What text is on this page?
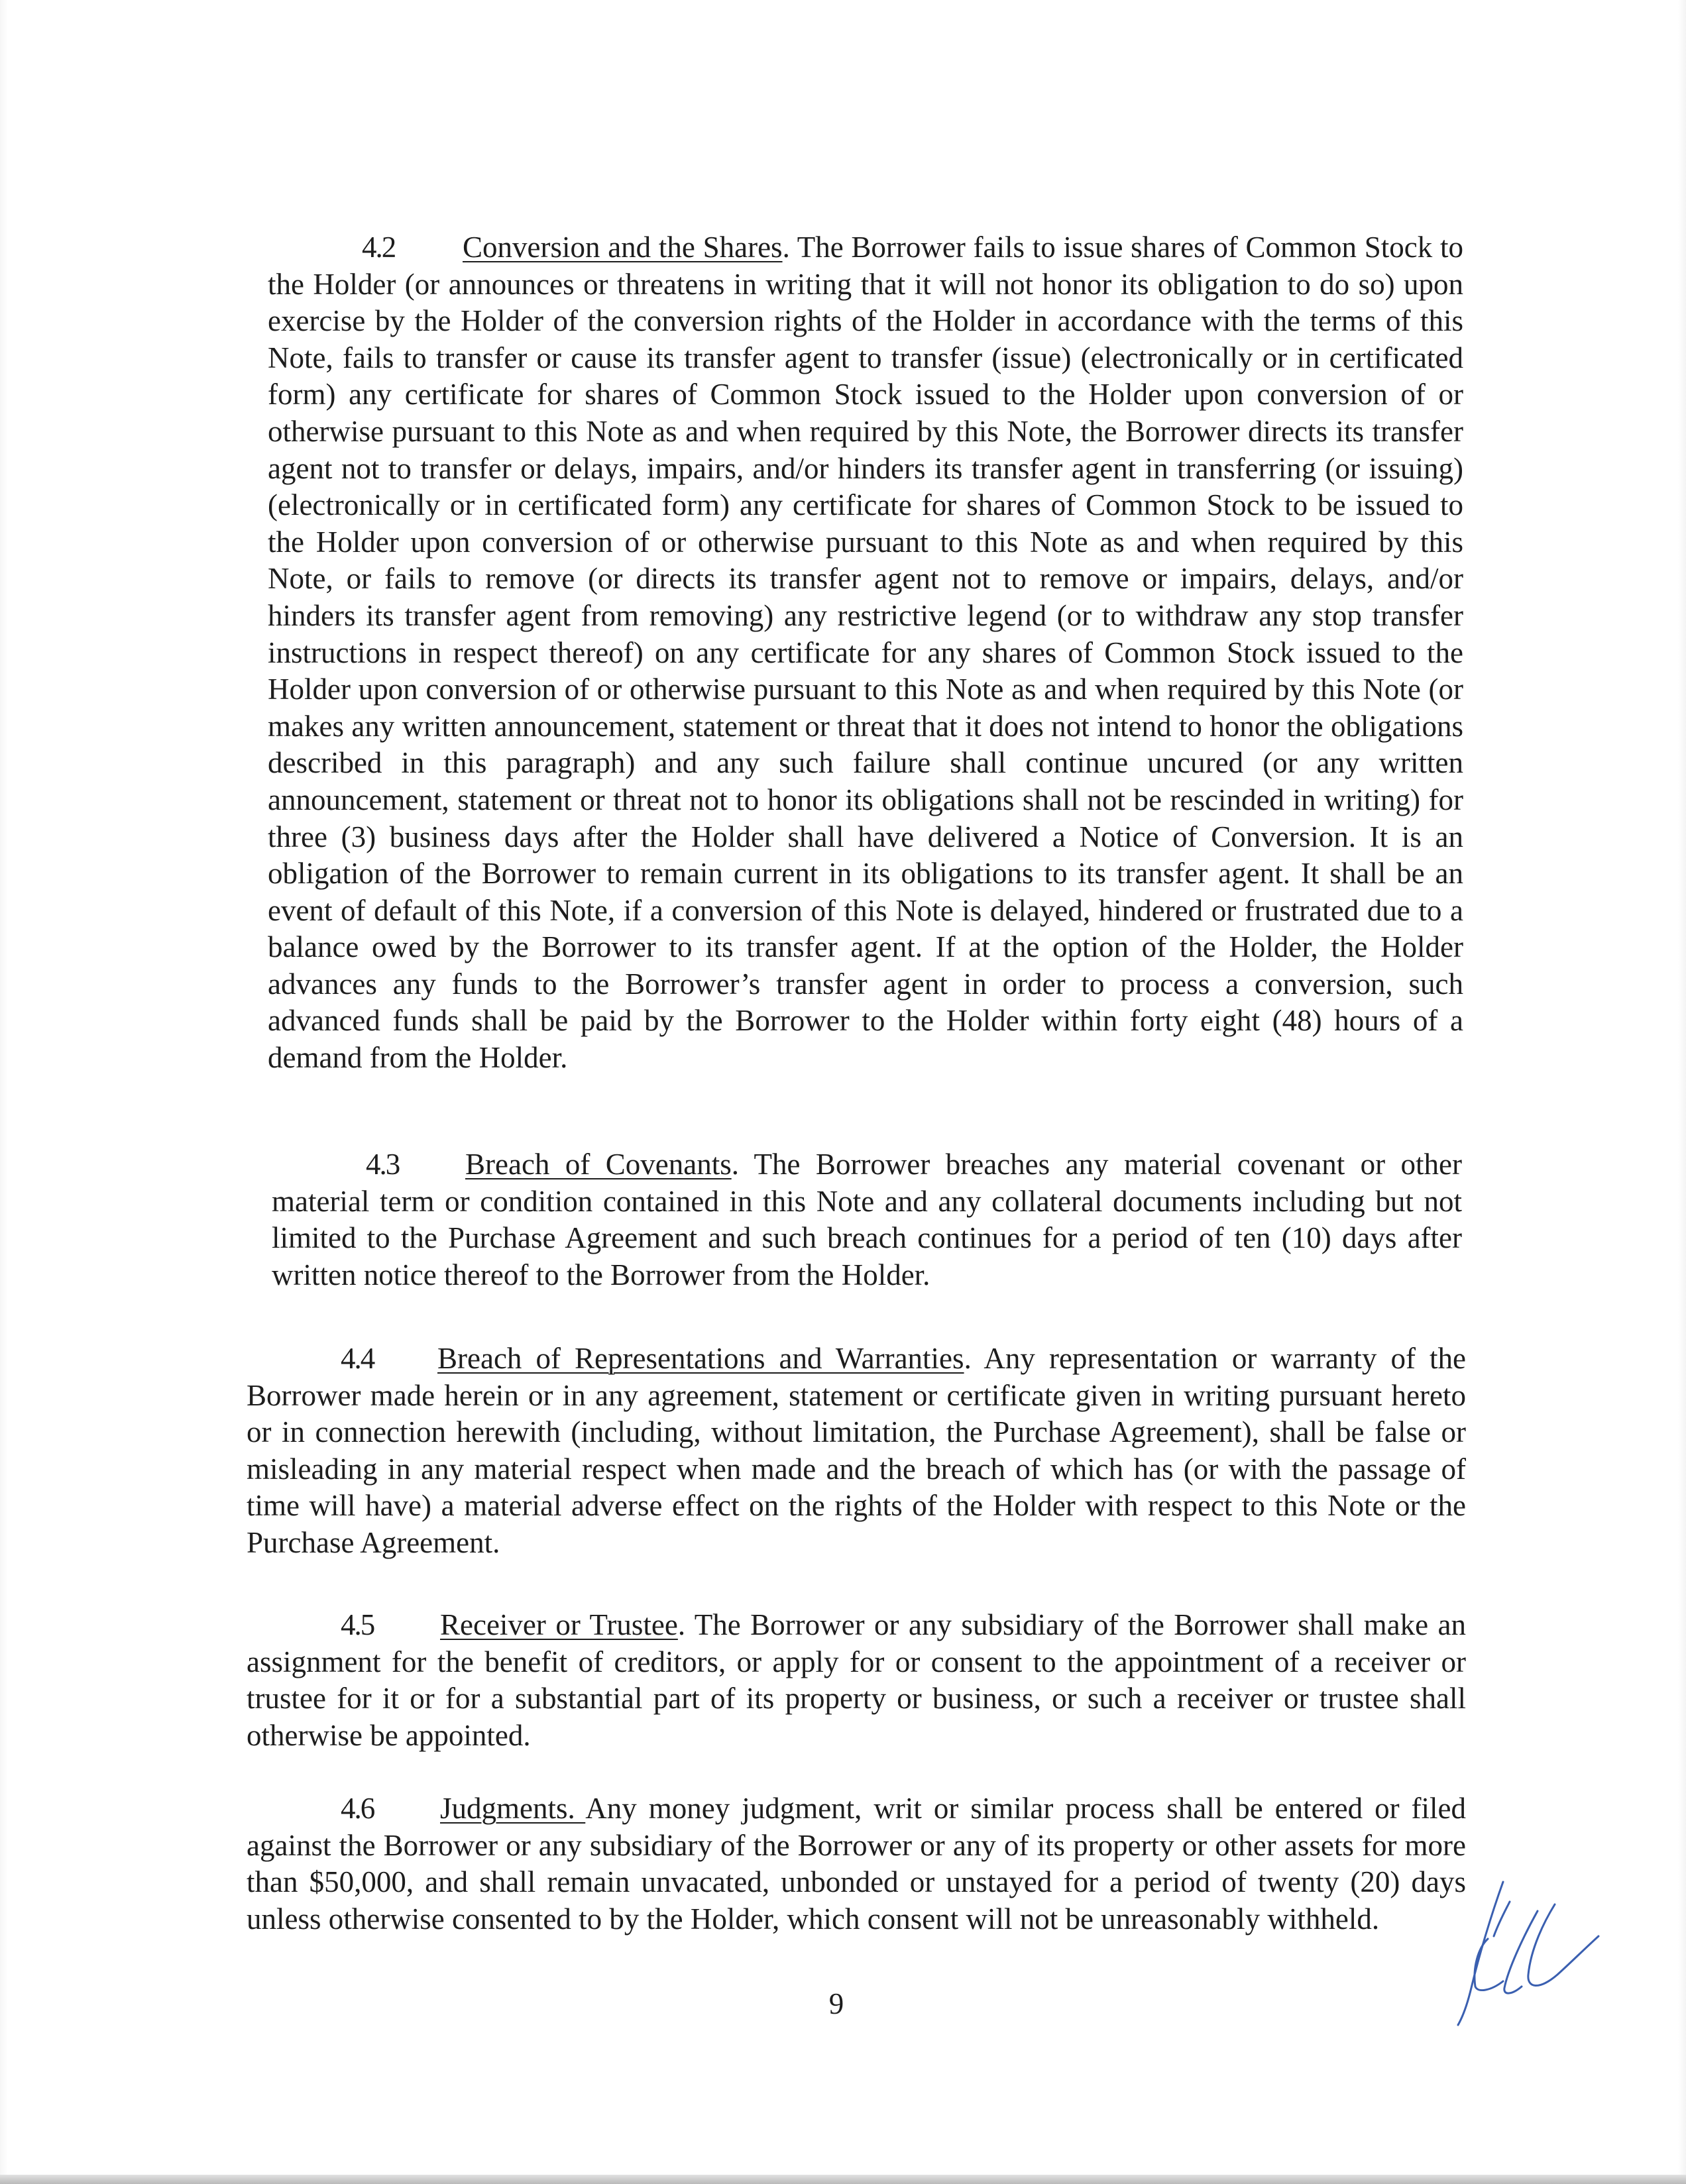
4.2 Conversion and the Shares. The Borrower fails to issue shares of Common Stock to the Holder (or announces or threatens in writing that it will not honor its obligation to do so) upon exercise by the Holder of the conversion rights of the Holder in accordance with the terms of this Note, fails to transfer or cause its transfer agent to transfer (issue) (electronically or in certificated form) any certificate for shares of Common Stock issued to the Holder upon conversion of or otherwise pursuant to this Note as and when required by this Note, the Borrower directs its transfer agent not to transfer or delays, impairs, and/or hinders its transfer agent in transferring (or issuing) (electronically or in certificated form) any certificate for shares of Common Stock to be issued to the Holder upon conversion of or otherwise pursuant to this Note as and when required by this Note, or fails to remove (or directs its transfer agent not to remove or impairs, delays, and/or hinders its transfer agent from removing) any restrictive legend (or to withdraw any stop transfer instructions in respect thereof) on any certificate for any shares of Common Stock issued to the Holder upon conversion of or otherwise pursuant to this Note as and when required by this Note (or makes any written announcement, statement or threat that it does not intend to honor the obligations described in this paragraph) and any such failure shall continue uncured (or any written announcement, statement or threat not to honor its obligations shall not be rescinded in writing) for three (3) business days after the Holder shall have delivered a Notice of Conversion. It is an obligation of the Borrower to remain current in its obligations to its transfer agent. It shall be an event of default of this Note, if a conversion of this Note is delayed, hindered or frustrated due to a balance owed by the Borrower to its transfer agent. If at the option of the Holder, the Holder advances any funds to the Borrower’s transfer agent in order to process a conversion, such advanced funds shall be paid by the Borrower to the Holder within forty eight (48) hours of a demand from the Holder.

4.3 Breach of Covenants. The Borrower breaches any material covenant or other material term or condition contained in this Note and any collateral documents including but not limited to the Purchase Agreement and such breach continues for a period of ten (10) days after written notice thereof to the Borrower from the Holder.

4.4 Breach of Representations and Warranties. Any representation or warranty of the Borrower made herein or in any agreement, statement or certificate given in writing pursuant hereto or in connection herewith (including, without limitation, the Purchase Agreement), shall be false or misleading in any material respect when made and the breach of which has (or with the passage of time will have) a material adverse effect on the rights of the Holder with respect to this Note or the Purchase Agreement.

4.5 Receiver or Trustee. The Borrower or any subsidiary of the Borrower shall make an assignment for the benefit of creditors, or apply for or consent to the appointment of a receiver or trustee for it or for a substantial part of its property or business, or such a receiver or trustee shall otherwise be appointed.

4.6 Judgments. Any money judgment, writ or similar process shall be entered or filed against the Borrower or any subsidiary of the Borrower or any of its property or other assets for more than $50,000, and shall remain unvacated, unbonded or unstayed for a period of twenty (20) days unless otherwise consented to by the Holder, which consent will not be unreasonably withheld.

9
